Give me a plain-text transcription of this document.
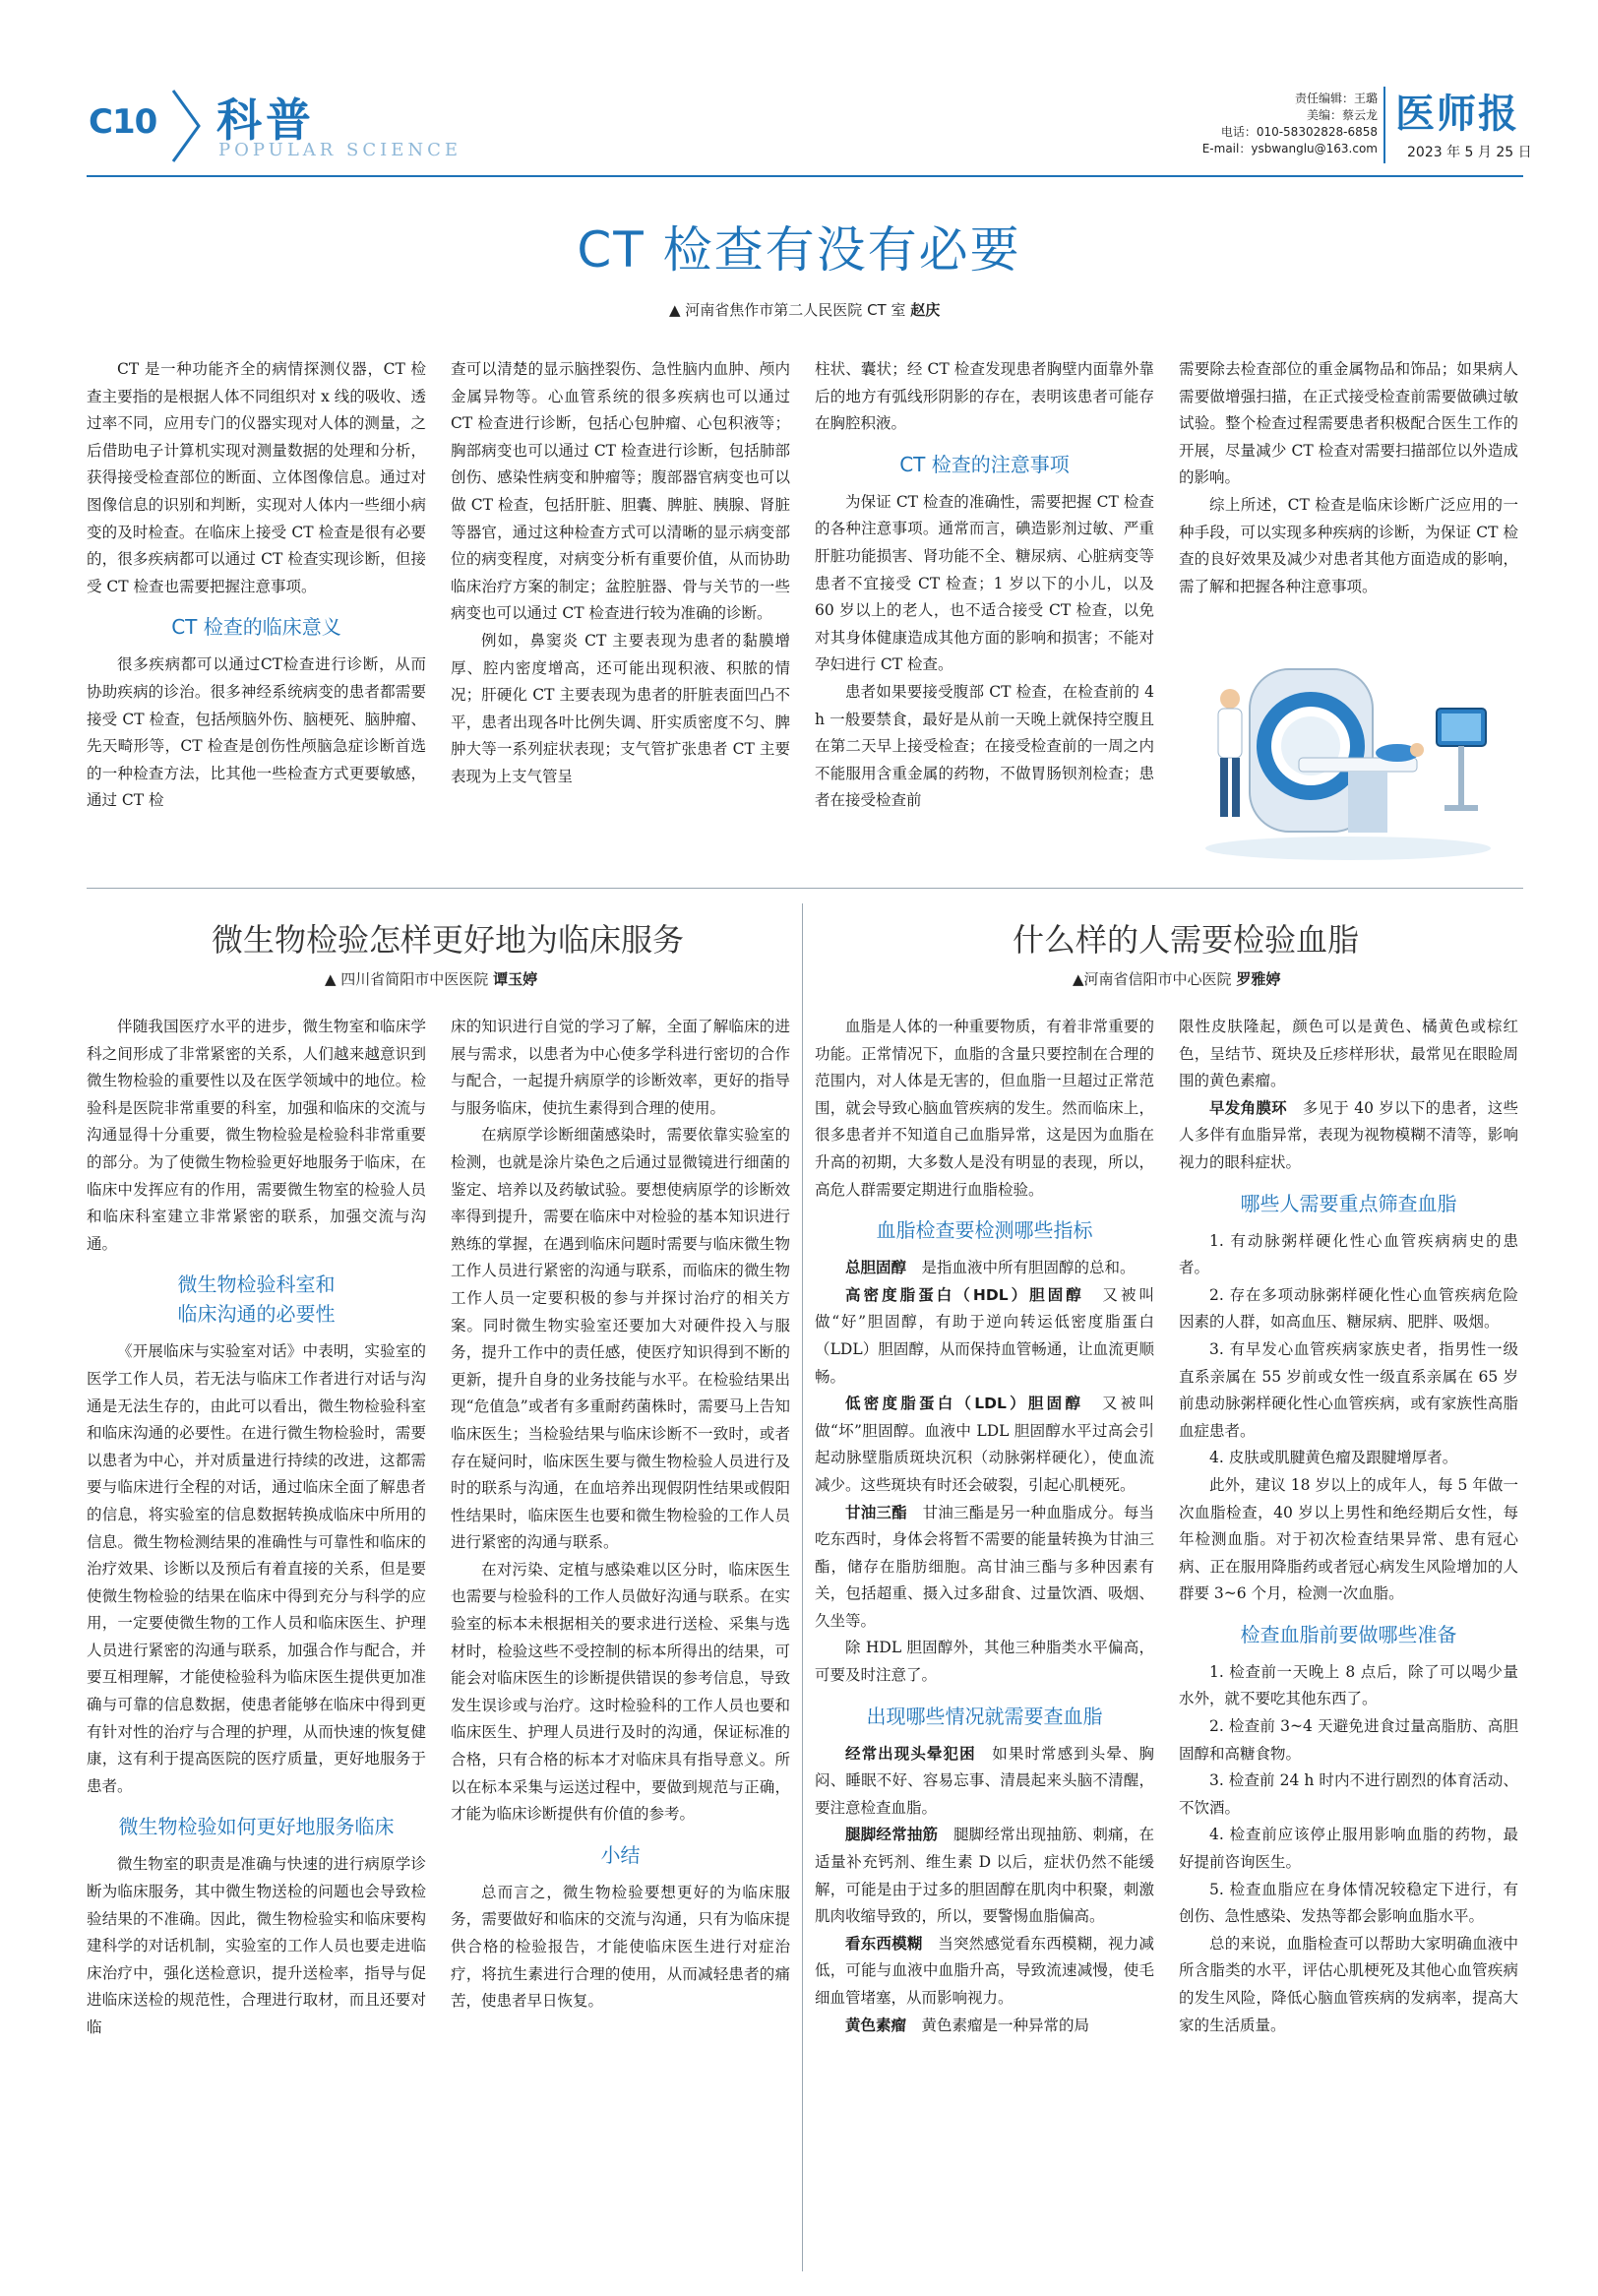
C10 科普
POPULAR SCIENCE
责任编辑：王璐
美编：蔡云龙
电话：010-58302828-6858
E-mail：ysbwanglu@163.com
医师报
2023 年 5 月 25 日
CT 检查有没有必要
▲ 河南省焦作市第二人民医院 CT 室 赵庆

CT 是一种功能齐全的病情探测仪器，CT 检查主要指的是根据人体不同组织对 x 线的吸收、透过率不同，应用专门的仪器实现对人体的测量，之后借助电子计算机实现对测量数据的处理和分析，获得接受检查部位的断面、立体图像信息。通过对图像信息的识别和判断，实现对人体内一些细小病变的及时检查。在临床上接受 CT 检查是很有必要的，很多疾病都可以通过 CT 检查实现诊断，但接受 CT 检查也需要把握注意事项。

CT 检查的临床意义

很多疾病都可以通过CT检查进行诊断，从而协助疾病的诊治。很多神经系统病变的患者都需要接受 CT 检查，包括颅脑外伤、脑梗死、脑肿瘤、先天畸形等，CT 检查是创伤性颅脑急症诊断首选的一种检查方法，比其他一些检查方式更要敏感，通过 CT 检

查可以清楚的显示脑挫裂伤、急性脑内血肿、颅内金属异物等。心血管系统的很多疾病也可以通过 CT 检查进行诊断，包括心包肿瘤、心包积液等；胸部病变也可以通过 CT 检查进行诊断，包括肺部创伤、感染性病变和肿瘤等；腹部器官病变也可以做 CT 检查，包括肝脏、胆囊、脾脏、胰腺、肾脏等器官，通过这种检查方式可以清晰的显示病变部位的病变程度，对病变分析有重要价值，从而协助临床治疗方案的制定；盆腔脏器、骨与关节的一些病变也可以通过 CT 检查进行较为准确的诊断。

例如，鼻窦炎 CT 主要表现为患者的黏膜增厚、腔内密度增高，还可能出现积液、积脓的情况；肝硬化 CT 主要表现为患者的肝脏表面凹凸不平，患者出现各叶比例失调、肝实质密度不匀、脾肿大等一系列症状表现；支气管扩张患者 CT 主要表现为上支气管呈

柱状、囊状；经 CT 检查发现患者胸壁内面靠外靠后的地方有弧线形阴影的存在，表明该患者可能存在胸腔积液。

CT 检查的注意事项

为保证 CT 检查的准确性，需要把握 CT 检查的各种注意事项。通常而言，碘造影剂过敏、严重肝脏功能损害、肾功能不全、糖尿病、心脏病变等患者不宜接受 CT 检查；1 岁以下的小儿，以及 60 岁以上的老人，也不适合接受 CT 检查，以免对其身体健康造成其他方面的影响和损害；不能对孕妇进行 CT 检查。

患者如果要接受腹部 CT 检查，在检查前的 4 h 一般要禁食，最好是从前一天晚上就保持空腹且在第二天早上接受检查；在接受检查前的一周之内不能服用含重金属的药物，不做胃肠钡剂检查；患者在接受检查前

需要除去检查部位的重金属物品和饰品；如果病人需要做增强扫描，在正式接受检查前需要做碘过敏试验。整个检查过程需要患者积极配合医生工作的开展，尽量减少 CT 检查对需要扫描部位以外造成的影响。

综上所述，CT 检查是临床诊断广泛应用的一种手段，可以实现多种疾病的诊断，为保证 CT 检查的良好效果及减少对患者其他方面造成的影响，需了解和把握各种注意事项。

微生物检验怎样更好地为临床服务
▲ 四川省简阳市中医医院 谭玉婷

伴随我国医疗水平的进步，微生物室和临床学科之间形成了非常紧密的关系，人们越来越意识到微生物检验的重要性以及在医学领域中的地位。检验科是医院非常重要的科室，加强和临床的交流与沟通显得十分重要，微生物检验是检验科非常重要的部分。为了使微生物检验更好地服务于临床，在临床中发挥应有的作用，需要微生物室的检验人员和临床科室建立非常紧密的联系，加强交流与沟通。

微生物检验科室和
临床沟通的必要性

《开展临床与实验室对话》中表明，实验室的医学工作人员，若无法与临床工作者进行对话与沟通是无法生存的，由此可以看出，微生物检验科室和临床沟通的必要性。在进行微生物检验时，需要以患者为中心，并对质量进行持续的改进，这都需要与临床进行全程的对话，通过临床全面了解患者的信息，将实验室的信息数据转换成临床中所用的信息。微生物检测结果的准确性与可靠性和临床的治疗效果、诊断以及预后有着直接的关系，但是要使微生物检验的结果在临床中得到充分与科学的应用，一定要使微生物的工作人员和临床医生、护理人员进行紧密的沟通与联系，加强合作与配合，并要互相理解，才能使检验科为临床医生提供更加准确与可靠的信息数据，使患者能够在临床中得到更有针对性的治疗与合理的护理，从而快速的恢复健康，这有利于提高医院的医疗质量，更好地服务于患者。

微生物检验如何更好地服务临床

微生物室的职责是准确与快速的进行病原学诊断为临床服务，其中微生物送检的问题也会导致检验结果的不准确。因此，微生物检验实和临床要构建科学的对话机制，实验室的工作人员也要走进临床治疗中，强化送检意识，提升送检率，指导与促进临床送检的规范性，合理进行取材，而且还要对临

床的知识进行自觉的学习了解，全面了解临床的进展与需求，以患者为中心使多学科进行密切的合作与配合，一起提升病原学的诊断效率，更好的指导与服务临床，使抗生素得到合理的使用。

在病原学诊断细菌感染时，需要依靠实验室的检测，也就是涂片染色之后通过显微镜进行细菌的鉴定、培养以及药敏试验。要想使病原学的诊断效率得到提升，需要在临床中对检验的基本知识进行熟练的掌握，在遇到临床问题时需要与临床微生物工作人员进行紧密的沟通与联系，而临床的微生物工作人员一定要积极的参与并探讨治疗的相关方案。同时微生物实验室还要加大对硬件投入与服务，提升工作中的责任感，使医疗知识得到不断的更新，提升自身的业务技能与水平。在检验结果出现“危值急”或者有多重耐药菌株时，需要马上告知临床医生；当检验结果与临床诊断不一致时，或者存在疑问时，临床医生要与微生物检验人员进行及时的联系与沟通，在血培养出现假阴性结果或假阳性结果时，临床医生也要和微生物检验的工作人员进行紧密的沟通与联系。

在对污染、定植与感染难以区分时，临床医生也需要与检验科的工作人员做好沟通与联系。在实验室的标本未根据相关的要求进行送检、采集与选材时，检验这些不受控制的标本所得出的结果，可能会对临床医生的诊断提供错误的参考信息，导致发生误诊或与治疗。这时检验科的工作人员也要和临床医生、护理人员进行及时的沟通，保证标准的合格，只有合格的标本才对临床具有指导意义。所以在标本采集与运送过程中，要做到规范与正确，才能为临床诊断提供有价值的参考。

小结

总而言之，微生物检验要想更好的为临床服务，需要做好和临床的交流与沟通，只有为临床提供合格的检验报告，才能使临床医生进行对症治疗，将抗生素进行合理的使用，从而减轻患者的痛苦，使患者早日恢复。

什么样的人需要检验血脂
▲河南省信阳市中心医院 罗雅婷

血脂是人体的一种重要物质，有着非常重要的功能。正常情况下，血脂的含量只要控制在合理的范围内，对人体是无害的，但血脂一旦超过正常范围，就会导致心脑血管疾病的发生。然而临床上，很多患者并不知道自己血脂异常，这是因为血脂在升高的初期，大多数人是没有明显的表现，所以，高危人群需要定期进行血脂检验。

血脂检查要检测哪些指标

总胆固醇　 是指血液中所有胆固醇的总和。

高密度脂蛋白（HDL）胆固醇　 又被叫做“好”胆固醇，有助于逆向转运低密度脂蛋白（LDL）胆固醇，从而保持血管畅通，让血流更顺畅。

低密度脂蛋白（LDL）胆固醇　 又被叫做“坏”胆固醇。血液中 LDL 胆固醇水平过高会引起动脉壁脂质斑块沉积（动脉粥样硬化），使血流减少。这些斑块有时还会破裂，引起心肌梗死。

甘油三酯　 甘油三酯是另一种血脂成分。每当吃东西时，身体会将暂不需要的能量转换为甘油三酯，储存在脂肪细胞。高甘油三酯与多种因素有关，包括超重、摄入过多甜食、过量饮酒、吸烟、久坐等。

除 HDL 胆固醇外，其他三种脂类水平偏高，可要及时注意了。

出现哪些情况就需要查血脂

经常出现头晕犯困　 如果时常感到头晕、胸闷、睡眠不好、容易忘事、清晨起来头脑不清醒，要注意检查血脂。

腿脚经常抽筋　 腿脚经常出现抽筋、刺痛，在适量补充钙剂、维生素 D 以后，症状仍然不能缓解，可能是由于过多的胆固醇在肌肉中积聚，刺激肌肉收缩导致的，所以，要警惕血脂偏高。

看东西模糊　 当突然感觉看东西模糊，视力减低，可能与血液中血脂升高，导致流速减慢，使毛细血管堵塞，从而影响视力。

黄色素瘤　 黄色素瘤是一种异常的局

限性皮肤隆起，颜色可以是黄色、橘黄色或棕红色，呈结节、斑块及丘疹样形状，最常见在眼睑周围的黄色素瘤。

早发角膜环　 多见于 40 岁以下的患者，这些人多伴有血脂异常，表现为视物模糊不清等，影响视力的眼科症状。

哪些人需要重点筛查血脂

1. 有动脉粥样硬化性心血管疾病病史的患者。

2. 存在多项动脉粥样硬化性心血管疾病危险因素的人群，如高血压、糖尿病、肥胖、吸烟。

3. 有早发心血管疾病家族史者，指男性一级直系亲属在 55 岁前或女性一级直系亲属在 65 岁前患动脉粥样硬化性心血管疾病，或有家族性高脂血症患者。

4. 皮肤或肌腱黄色瘤及跟腱增厚者。

此外，建议 18 岁以上的成年人，每 5 年做一次血脂检查，40 岁以上男性和绝经期后女性，每年检测血脂。对于初次检查结果异常、患有冠心病、正在服用降脂药或者冠心病发生风险增加的人群要 3~6 个月，检测一次血脂。

检查血脂前要做哪些准备

1. 检查前一天晚上 8 点后，除了可以喝少量水外，就不要吃其他东西了。

2. 检查前 3~4 天避免进食过量高脂肪、高胆固醇和高糖食物。

3. 检查前 24 h 时内不进行剧烈的体育活动、不饮酒。

4. 检查前应该停止服用影响血脂的药物，最好提前咨询医生。

5. 检查血脂应在身体情况较稳定下进行，有创伤、急性感染、发热等都会影响血脂水平。

总的来说，血脂检查可以帮助大家明确血液中所含脂类的水平，评估心肌梗死及其他心血管疾病的发生风险，降低心脑血管疾病的发病率，提高大家的生活质量。
